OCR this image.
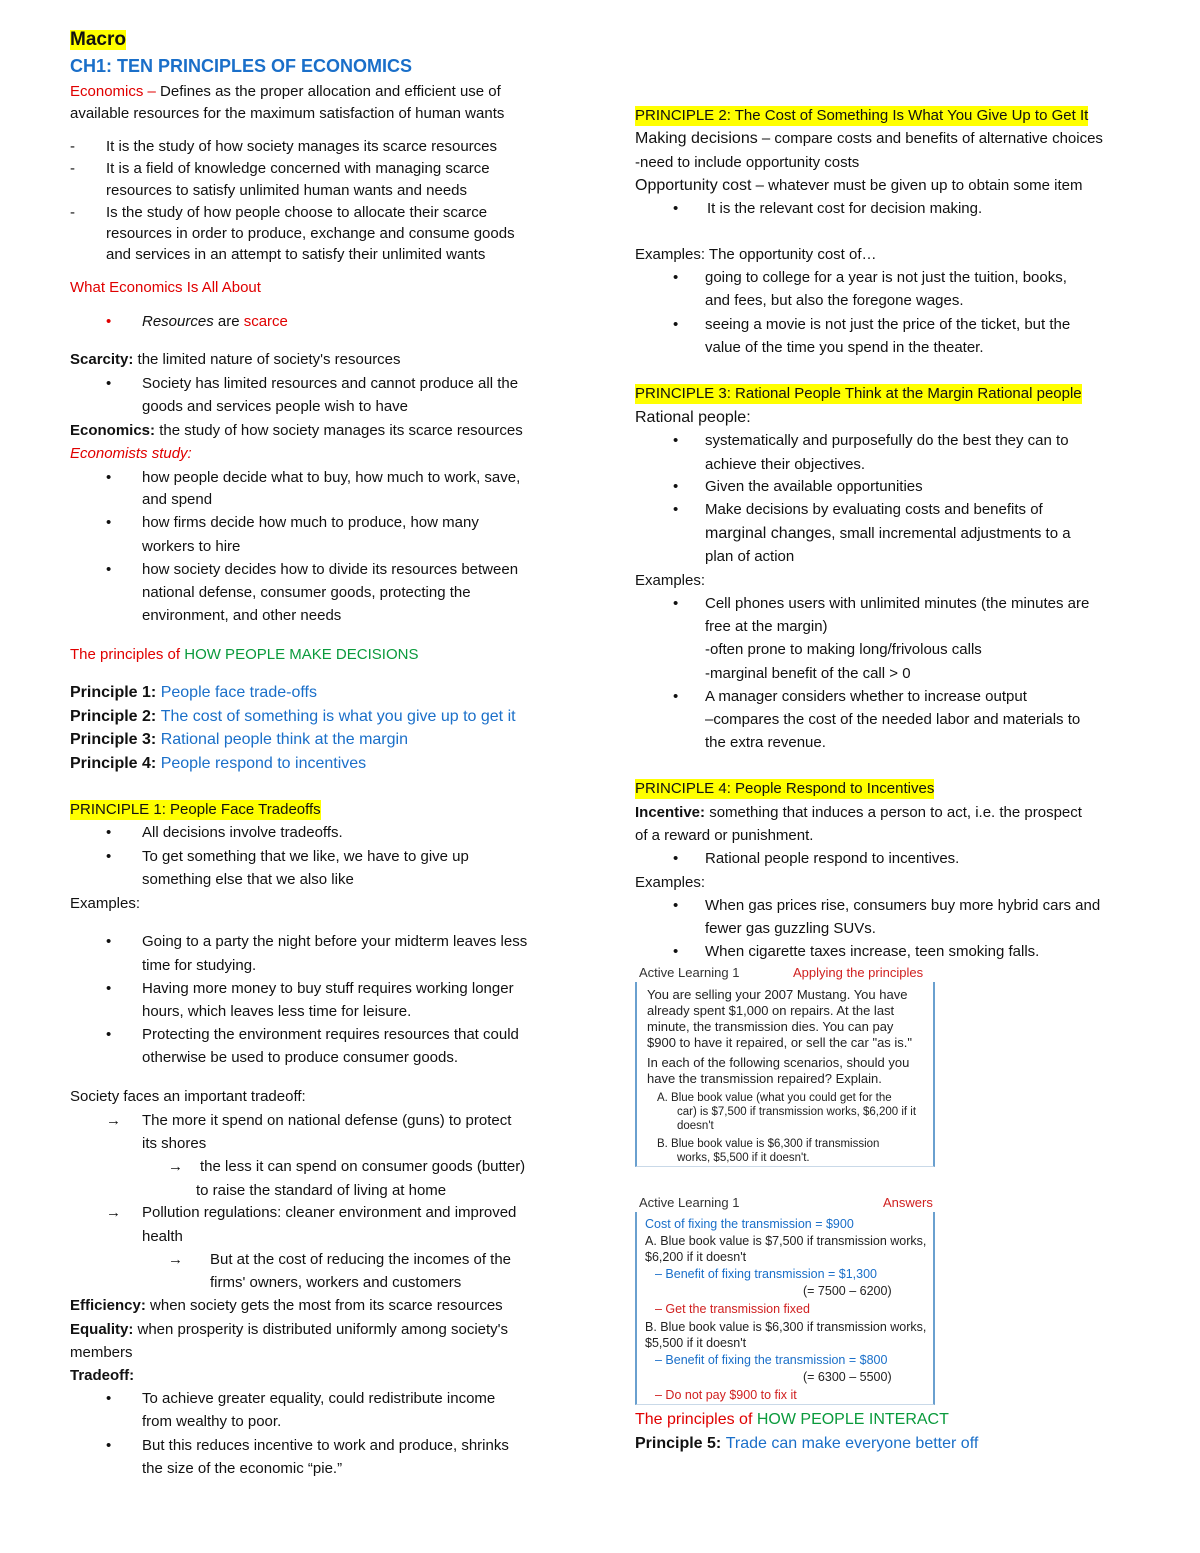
Macro
CH1: TEN PRINCIPLES OF ECONOMICS
Economics – Defines as the proper allocation and efficient use of
available resources for the maximum satisfaction of human wants
- It is the study of how society manages its scarce resources
- It is a field of knowledge concerned with managing scarce
resources to satisfy unlimited human wants and needs
- Is the study of how people choose to allocate their scarce
resources in order to produce, exchange and consume goods
and services in an attempt to satisfy their unlimited wants
What Economics Is All About
• Resources are scarce
Scarcity: the limited nature of society's resources
• Society has limited resources and cannot produce all the
goods and services people wish to have
Economics: the study of how society manages its scarce resources
Economists study:
• how people decide what to buy, how much to work, save,
and spend
• how firms decide how much to produce, how many
workers to hire
• how society decides how to divide its resources between
national defense, consumer goods, protecting the
environment, and other needs
The principles of HOW PEOPLE MAKE DECISIONS
Principle 1: People face trade-offs
Principle 2: The cost of something is what you give up to get it
Principle 3: Rational people think at the margin
Principle 4: People respond to incentives
PRINCIPLE 1: People Face Tradeoffs
• All decisions involve tradeoffs.
• To get something that we like, we have to give up
something else that we also like
Examples:
• Going to a party the night before your midterm leaves less
time for studying.
• Having more money to buy stuff requires working longer
hours, which leaves less time for leisure.
• Protecting the environment requires resources that could
otherwise be used to produce consumer goods.
Society faces an important tradeoff:
→ The more it spend on national defense (guns) to protect
its shores
→ the less it can spend on consumer goods (butter)
to raise the standard of living at home
→ Pollution regulations: cleaner environment and improved
health
→ But at the cost of reducing the incomes of the
firms' owners, workers and customers
Efficiency: when society gets the most from its scarce resources
Equality: when prosperity is distributed uniformly among society's
members
Tradeoff:
• To achieve greater equality, could redistribute income
from wealthy to poor.
• But this reduces incentive to work and produce, shrinks
the size of the economic “pie.”
PRINCIPLE 2: The Cost of Something Is What You Give Up to Get It
Making decisions – compare costs and benefits of alternative choices
-need to include opportunity costs
Opportunity cost – whatever must be given up to obtain some item
• It is the relevant cost for decision making.
Examples: The opportunity cost of…
• going to college for a year is not just the tuition, books,
and fees, but also the foregone wages.
• seeing a movie is not just the price of the ticket, but the
value of the time you spend in the theater.
PRINCIPLE 3: Rational People Think at the Margin Rational people
Rational people:
• systematically and purposefully do the best they can to
achieve their objectives.
• Given the available opportunities
• Make decisions by evaluating costs and benefits of
marginal changes, small incremental adjustments to a
plan of action
Examples:
• Cell phones users with unlimited minutes (the minutes are
free at the margin)
-often prone to making long/frivolous calls
-marginal benefit of the call > 0
• A manager considers whether to increase output
–compares the cost of the needed labor and materials to
the extra revenue.
PRINCIPLE 4: People Respond to Incentives
Incentive: something that induces a person to act, i.e. the prospect
of a reward or punishment.
• Rational people respond to incentives.
Examples:
• When gas prices rise, consumers buy more hybrid cars and
fewer gas guzzling SUVs.
• When cigarette taxes increase, teen smoking falls.
Active Learning 1	Applying the principles
You are selling your 2007 Mustang. You have
already spent $1,000 on repairs. At the last
minute, the transmission dies. You can pay
$900 to have it repaired, or sell the car "as is."
In each of the following scenarios, should you
have the transmission repaired? Explain.
A. Blue book value (what you could get for the
car) is $7,500 if transmission works, $6,200 if it
doesn't
B. Blue book value is $6,300 if transmission
works, $5,500 if it doesn't.
Active Learning 1	Answers
Cost of fixing the transmission = $900
A. Blue book value is $7,500 if transmission works,
$6,200 if it doesn't
– Benefit of fixing transmission = $1,300
(= 7500 – 6200)
– Get the transmission fixed
B. Blue book value is $6,300 if transmission works,
$5,500 if it doesn't
– Benefit of fixing the transmission = $800
(= 6300 – 5500)
– Do not pay $900 to fix it
The principles of HOW PEOPLE INTERACT
Principle 5: Trade can make everyone better off
